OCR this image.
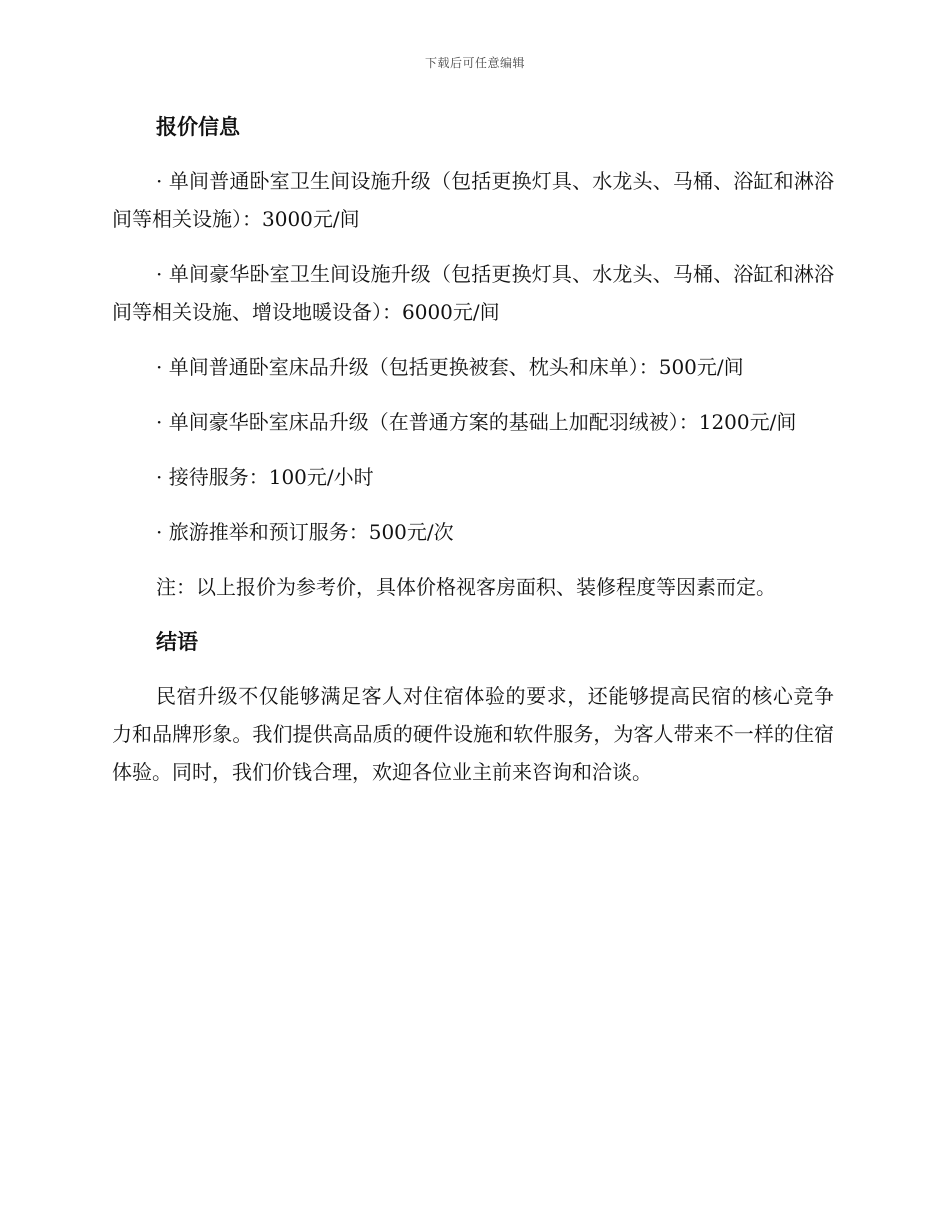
下载后可任意编辑
报价信息

· 单间普通卧室卫生间设施升级（包括更换灯具、水龙头、马桶、浴缸和淋浴间等相关设施）：3000元/间

· 单间豪华卧室卫生间设施升级（包括更换灯具、水龙头、马桶、浴缸和淋浴间等相关设施、增设地暖设备）：6000元/间

· 单间普通卧室床品升级（包括更换被套、枕头和床单）：500元/间

· 单间豪华卧室床品升级（在普通方案的基础上加配羽绒被）：1200元/间

· 接待服务：100元/小时

· 旅游推举和预订服务：500元/次

注：以上报价为参考价，具体价格视客房面积、装修程度等因素而定。

结语

民宿升级不仅能够满足客人对住宿体验的要求，还能够提高民宿的核心竞争力和品牌形象。我们提供高品质的硬件设施和软件服务，为客人带来不一样的住宿体验。同时，我们价钱合理，欢迎各位业主前来咨询和洽谈。
